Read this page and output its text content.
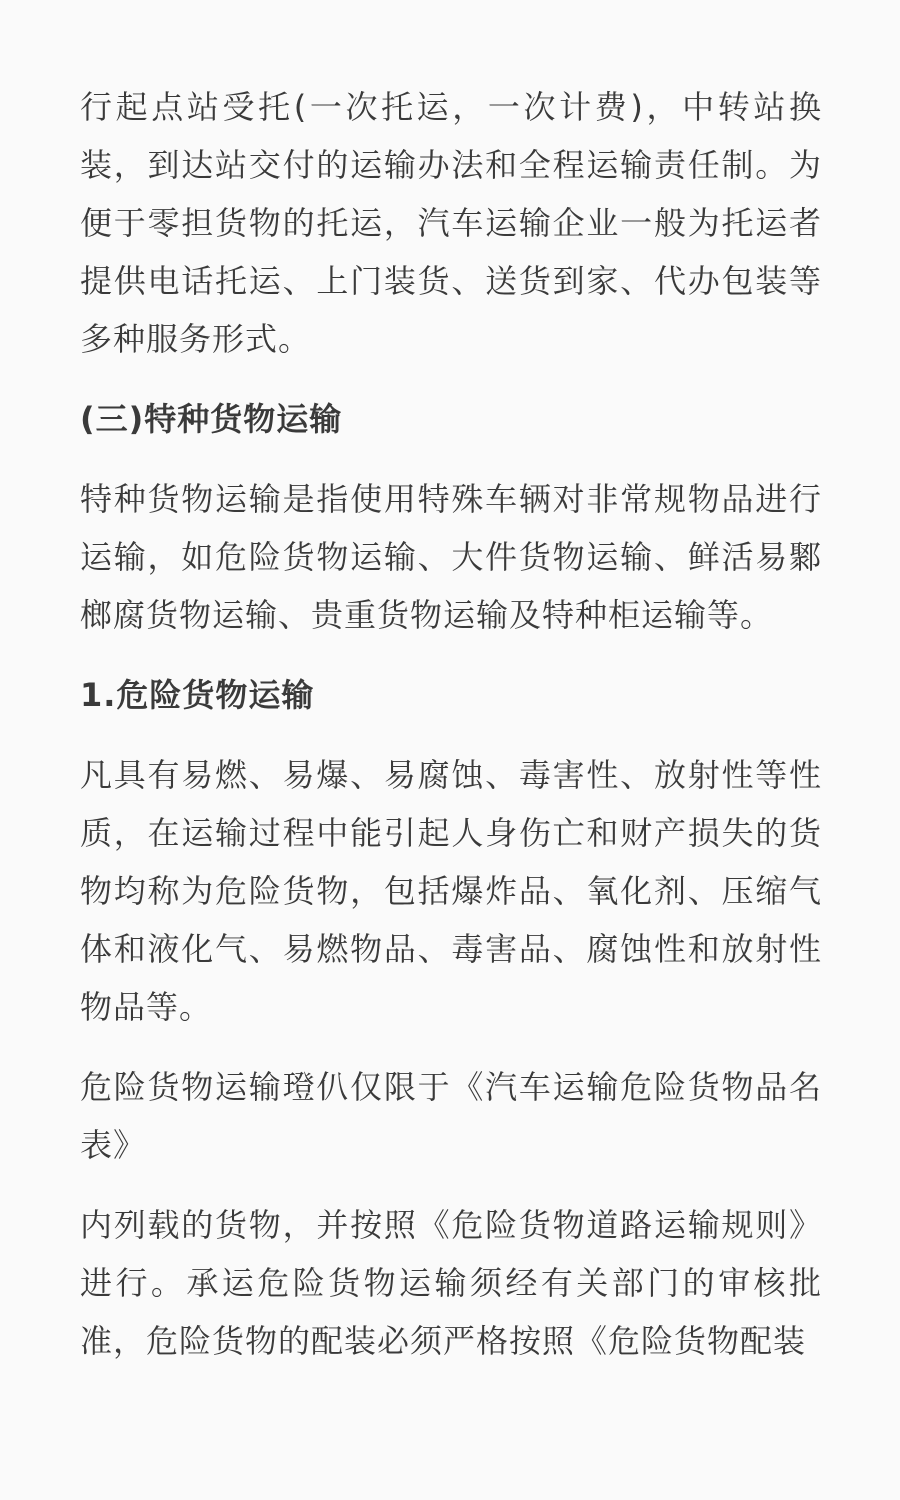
行起点站受托(一次托运，一次计费)，中转站换装，到达站交付的运输办法和全程运输责任制。为便于零担货物的托运，汽车运输企业一般为托运者提供电话托运、上门装货、送货到家、代办包装等多种服务形式。

(三)特种货物运输

特种货物运输是指使用特殊车辆对非常规物品进行运输，如危险货物运输、大件货物运输、鲜活易鄹榔腐货物运输、贵重货物运输及特种柜运输等。

1.危险货物运输

凡具有易燃、易爆、易腐蚀、毒害性、放射性等性质，在运输过程中能引起人身伤亡和财产损失的货物均称为危险货物，包括爆炸品、氧化剂、压缩气体和液化气、易燃物品、毒害品、腐蚀性和放射性物品等。

危险货物运输璒仈仅限于《汽车运输危险货物品名表》

内列载的货物，并按照《危险货物道路运输规则》进行。承运危险货物运输须经有关部门的审核批准，危险货物的配装必须严格按照《危险货物配装
